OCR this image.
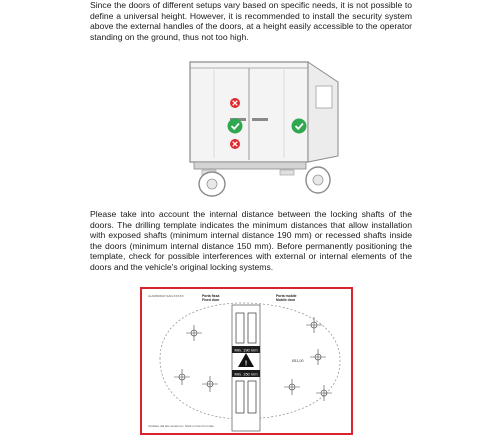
Since the doors of different setups vary based on specific needs, it is not possible to define a universal height. However, it is recommended to install the security system above the external handles of the doors, at a height easily accessible to the operator standing on the ground, thus not too high.

Please take into account the internal distance between the locking shafts of the doors. The drilling template indicates the minimum distances that allow installation with exposed shafts (minimum internal distance 190 mm) or recessed shafts inside the doors (minimum internal distance 150 mm). Before permanently positioning the template, check for possible interferences with external or internal elements of the doors and the vehicle's original locking systems.

!
ALARM/WAY-SAN-XXXXX	Porta fissa Fixed door
Porta mobile Mobile door
Min. 190 mm
Min. 150 mm
Ø11,00
Incollare dal lato anteriore / Stick on the front side
